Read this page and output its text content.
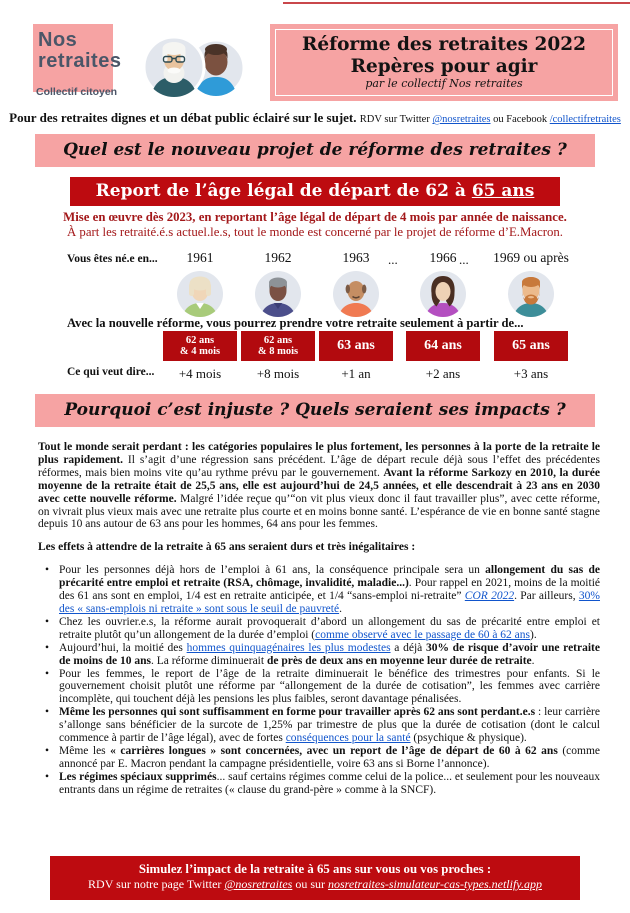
Nos
retraites
Collectif citoyen
Réforme des retraites 2022
Repères pour agir
par le collectif Nos retraites
Pour des retraites dignes et un débat public éclairé sur le sujet. RDV sur Twitter @nosretraites ou Facebook /collectifretraites
Quel est le nouveau projet de réforme des retraites ?
Report de l’âge légal de départ de 62 à 65 ans
Mise en œuvre dès 2023, en reportant l’âge légal de départ de 4 mois par année de naissance.
À part les retraité.é.s actuel.le.s, tout le monde est concerné par le projet de réforme d’E.Macron.
Vous êtes né.e en...	...	...
1961
62 ans
& 4 mois
+4 mois
1962
62 ans
& 8 mois
+8 mois
1963
63 ans
+1 an
1966
64 ans
+2 ans
1969 ou après
65 ans
+3 ans
Avec la nouvelle réforme, vous pourrez prendre votre retraite seulement à partir de...
Ce qui veut dire...
Pourquoi c’est injuste ? Quels seraient ses impacts ?

Tout le monde serait perdant : les catégories populaires le plus fortement, les personnes à la porte de la retraite le plus rapidement. Il s’agit d’une régression sans précédent. L’âge de départ recule déjà sous l’effet des précédentes réformes, mais bien moins vite qu’au rythme prévu par le gouvernement. Avant la réforme Sarkozy en 2010, la durée moyenne de la retraite était de 25,5 ans, elle est aujourd’hui de 24,5 années, et elle descendrait à 23 ans en 2030 avec cette nouvelle réforme. Malgré l’idée reçue qu’“on vit plus vieux donc il faut travailler plus”, avec cette réforme, on vivrait plus vieux mais avec une retraite plus courte et en moins bonne santé. L’espérance de vie en bonne santé stagne depuis 10 ans autour de 63 ans pour les hommes, 64 ans pour les femmes.

Les effets à attendre de la retraite à 65 ans seraient durs et très inégalitaires :

• Pour les personnes déjà hors de l’emploi à 61 ans, la conséquence principale sera un allongement du sas de précarité entre emploi et retraite (RSA, chômage, invalidité, maladie...). Pour rappel en 2021, moins de la moitié des 61 ans sont en emploi, 1/4 est en retraite anticipée, et 1/4 “sans-emploi ni-retraite” COR 2022. Par ailleurs, 30% des « sans-emplois ni retraite » sont sous le seuil de pauvreté.
• Chez les ouvrier.e.s, la réforme aurait provoquerait d’abord un allongement du sas de précarité entre emploi et retraite plutôt qu’un allongement de la durée d’emploi (comme observé avec le passage de 60 à 62 ans).
• Aujourd’hui, la moitié des hommes quinquagénaires les plus modestes a déjà 30% de risque d’avoir une retraite de moins de 10 ans. La réforme diminuerait de près de deux ans en moyenne leur durée de retraite.
• Pour les femmes, le report de l’âge de la retraite diminuerait le bénéfice des trimestres pour enfants. Si le gouvernement choisit plutôt une réforme par “allongement de la durée de cotisation”, les femmes avec carrière incomplète, qui touchent déjà les pensions les plus faibles, seront davantage pénalisées.
• Même les personnes qui sont suffisamment en forme pour travailler après 62 ans sont perdant.e.s : leur carrière s’allonge sans bénéficier de la surcote de 1,25% par trimestre de plus que la durée de cotisation (dont le calcul commence à partir de l’âge légal), avec de fortes conséquences pour la santé (psychique & physique).
• Même les « carrières longues » sont concernées, avec un report de l’âge de départ de 60 à 62 ans (comme annoncé par E. Macron pendant la campagne présidentielle, voire 63 ans si Borne l’annonce).
• Les régimes spéciaux supprimés... sauf certains régimes comme celui de la police... et seulement pour les nouveaux entrants dans un régime de retraites (« clause du grand-père » comme à la SNCF).
Simulez l’impact de la retraite à 65 ans sur vous ou vos proches :
RDV sur notre page Twitter @nosretraites ou sur nosretraites-simulateur-cas-types.netlify.app
